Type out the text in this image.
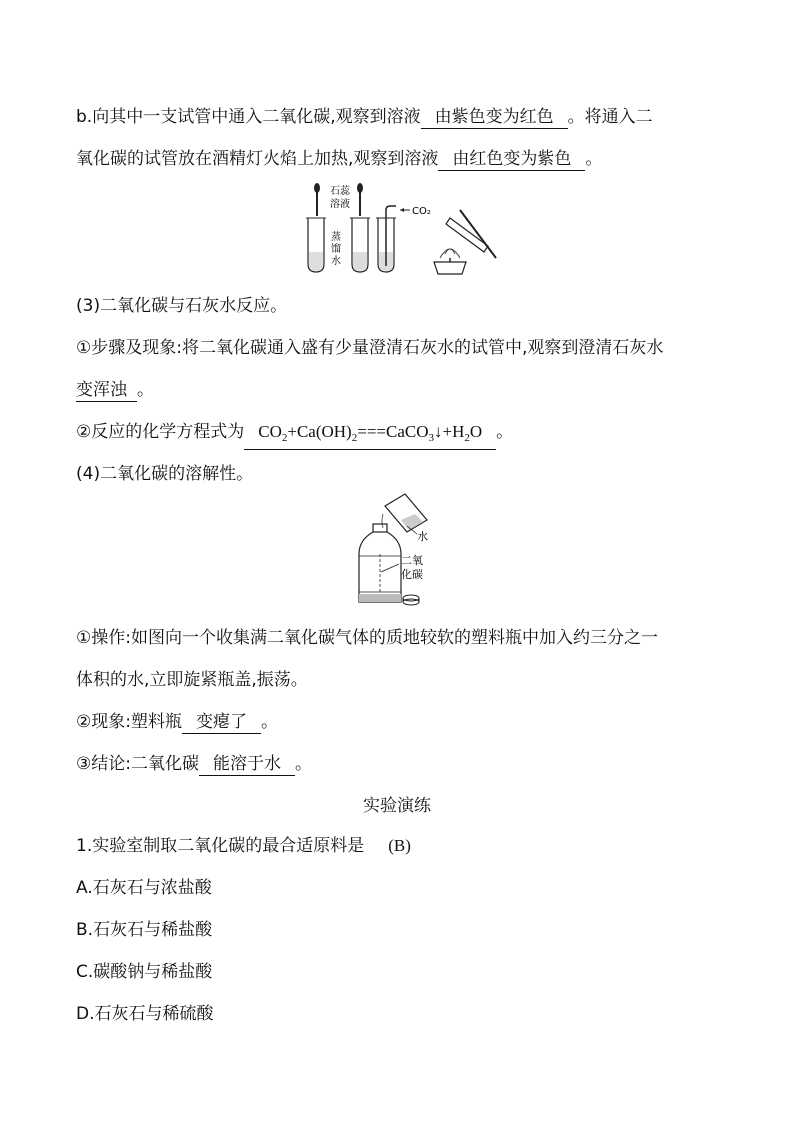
b.向其中一支试管中通入二氧化碳,观察到溶液 由紫色变为红色 。将通入二
氧化碳的试管放在酒精灯火焰上加热,观察到溶液 由红色变为紫色 。
石蕊
溶液
蒸
馏
水
CO₂
(3)二氧化碳与石灰水反应。
①步骤及现象:将二氧化碳通入盛有少量澄清石灰水的试管中,观察到澄清石灰水
变浑浊 。
②反应的化学方程式为 $CO_2+Ca(OH)_2===CaCO_3↓+H_2O$ 。
(4)二氧化碳的溶解性。
水
二氧
化碳
①操作:如图向一个收集满二氧化碳气体的质地较软的塑料瓶中加入约三分之一
体积的水,立即旋紧瓶盖,振荡。
②现象:塑料瓶 变瘪了 。
③结论:二氧化碳 能溶于水 。
实验演练
1.实验室制取二氧化碳的最合适原料是 (B)
A.石灰石与浓盐酸
B.石灰石与稀盐酸
C.碳酸钠与稀盐酸
D.石灰石与稀硫酸
